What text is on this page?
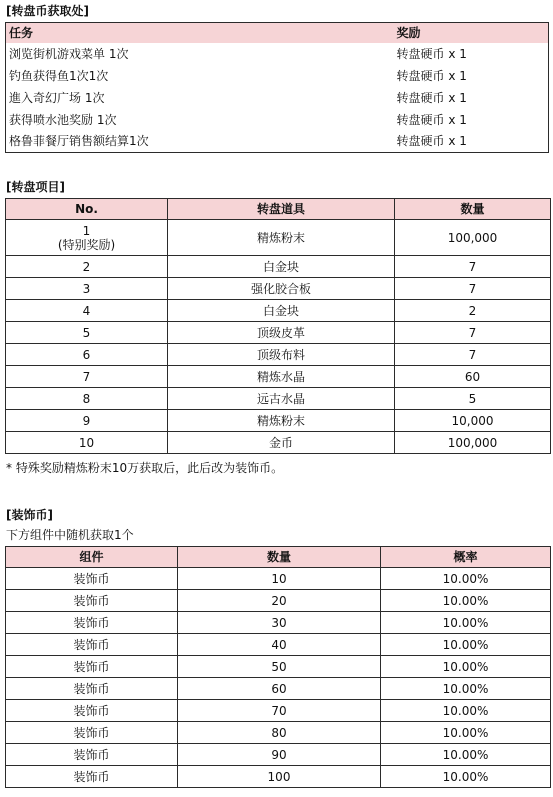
[转盘币获取处]
任务	奖励
浏览街机游戏菜单 1次	转盘硬币 x 1
钓鱼获得鱼1次1次	转盘硬币 x 1
進入奇幻广场 1次	转盘硬币 x 1
获得喷水池奖励 1次	转盘硬币 x 1
格鲁菲餐厅销售额结算1次	转盘硬币 x 1
[转盘项目]
No.	转盘道具	数量

1
(特别奖励)	精炼粉末	100,000
2	白金块	7
3	强化胶合板	7
4	白金块	2
5	顶级皮革	7
6	顶级布料	7
7	精炼水晶	60
8	远古水晶	5
9	精炼粉末	10,000
10	金币	100,000
* 特殊奖励精炼粉末10万获取后，此后改为装饰币。
[装饰币]
下方组件中随机获取1个
组件	数量	概率
装饰币	10	10.00%
装饰币	20	10.00%
装饰币	30	10.00%
装饰币	40	10.00%
装饰币	50	10.00%
装饰币	60	10.00%
装饰币	70	10.00%
装饰币	80	10.00%
装饰币	90	10.00%
装饰币	100	10.00%
